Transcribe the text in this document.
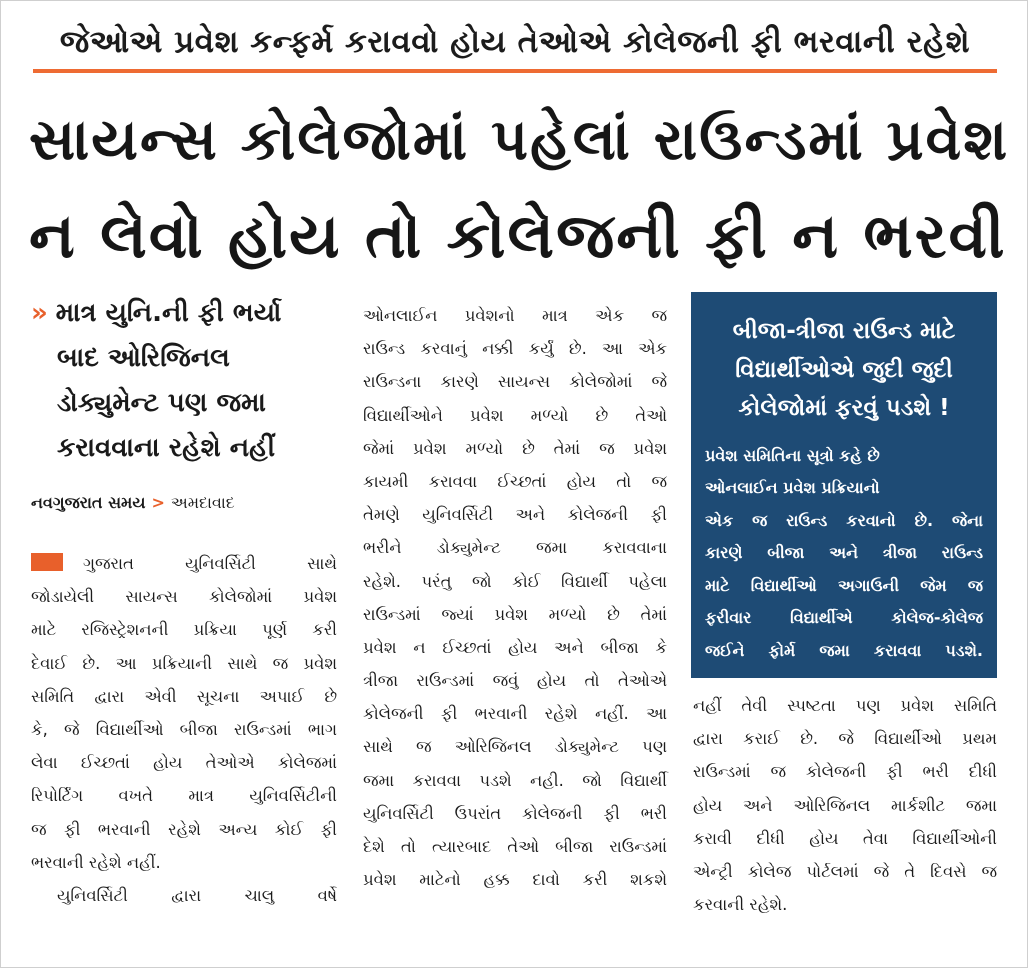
જેઓએ પ્રવેશ કન્ફર્મ કરાવવો હોય તેઓએ કોલેજની ફી ભરવાની રહેશે
સાયન્સ કોલેજોમાં પહેલાં રાઉન્ડમાં પ્રવેશ
ન લેવો હોય તો કોલેજની ફી ન ભરવી
» માત્ર યુનિ.ની ફી ભર્યા
બાદ ઓરિજિનલ
ડોક્યુમેન્ટ પણ જમા
કરાવવાના રહેશે નહીં
નવગુજરાત સમય > અમદાવાદ
ગુજરાત યુનિવર્સિટી સાથે
જોડાયેલી સાયન્સ કોલેજોમાં પ્રવેશ
માટે રજિસ્ટ્રેશનની પ્રક્રિયા પૂર્ણ કરી
દેવાઈ છે. આ પ્રક્રિયાની સાથે જ પ્રવેશ
સમિતિ દ્વારા એવી સૂચના અપાઈ છે
કે, જે વિદ્યાર્થીઓ બીજા રાઉન્ડમાં ભાગ
લેવા ઈચ્છતાં હોય તેઓએ કોલેજમાં
રિપોર્ટિંગ વખતે માત્ર યુનિવર્સિટીની
જ ફી ભરવાની રહેશે અન્ય કોઈ ફી
ભરવાની રહેશે નહીં.
યુનિવર્સિટી દ્વારા ચાલુ વર્ષે
ઓનલાઈન પ્રવેશનો માત્ર એક જ
રાઉન્ડ કરવાનું નક્કી કર્યું છે. આ એક
રાઉન્ડના કારણે સાયન્સ કોલેજોમાં જે
વિદ્યાર્થીઓને પ્રવેશ મળ્યો છે તેઓ
જેમાં પ્રવેશ મળ્યો છે તેમાં જ પ્રવેશ
કાયમી કરાવવા ઈચ્છતાં હોય તો જ
તેમણે યુનિવર્સિટી અને કોલેજની ફી
ભરીને ડોક્યુમેન્ટ જમા કરાવવાના
રહેશે. પરંતુ જો કોઈ વિદ્યાર્થી પહેલા
રાઉન્ડમાં જ્યાં પ્રવેશ મળ્યો છે તેમાં
પ્રવેશ ન ઈચ્છતાં હોય અને બીજા કે
ત્રીજા રાઉન્ડમાં જવું હોય તો તેઓએ
કોલેજની ફી ભરવાની રહેશે નહીં. આ
સાથે જ ઓરિજિનલ ડોક્યુમેન્ટ પણ
જમા કરાવવા પડશે નહી. જો વિદ્યાર્થી
યુનિવર્સિટી ઉપરાંત કોલેજની ફી ભરી
દેશે તો ત્યારબાદ તેઓ બીજા રાઉન્ડમાં
પ્રવેશ માટેનો હક્ક દાવો કરી શકશે
બીજા-ત્રીજા રાઉન્ડ માટે
વિદ્યાર્થીઓએ જુદી જુદી
કોલેજોમાં ફરવું પડશે !
પ્રવેશ સમિતિના સૂત્રો કહે છે
ઓનલાઈન પ્રવેશ પ્રક્રિયાનો
એક જ રાઉન્ડ કરવાનો છે. જેના
કારણે બીજા અને ત્રીજા રાઉન્ડ
માટે વિદ્યાર્થીઓ અગાઉની જેમ જ
ફરીવાર વિદ્યાર્થીએ કોલેજ-કોલેજ
જઈને ફોર્મ જમા કરાવવા પડશે.
નહીં તેવી સ્પષ્ટતા પણ પ્રવેશ સમિતિ
દ્વારા કરાઈ છે. જે વિદ્યાર્થીઓ પ્રથમ
રાઉન્ડમાં જ કોલેજની ફી ભરી દીધી
હોય અને ઓરિજિનલ માર્કશીટ જમા
કરાવી દીધી હોય તેવા વિદ્યાર્થીઓની
એન્ટ્રી કોલેજ પોર્ટલમાં જે તે દિવસે જ
કરવાની રહેશે.
